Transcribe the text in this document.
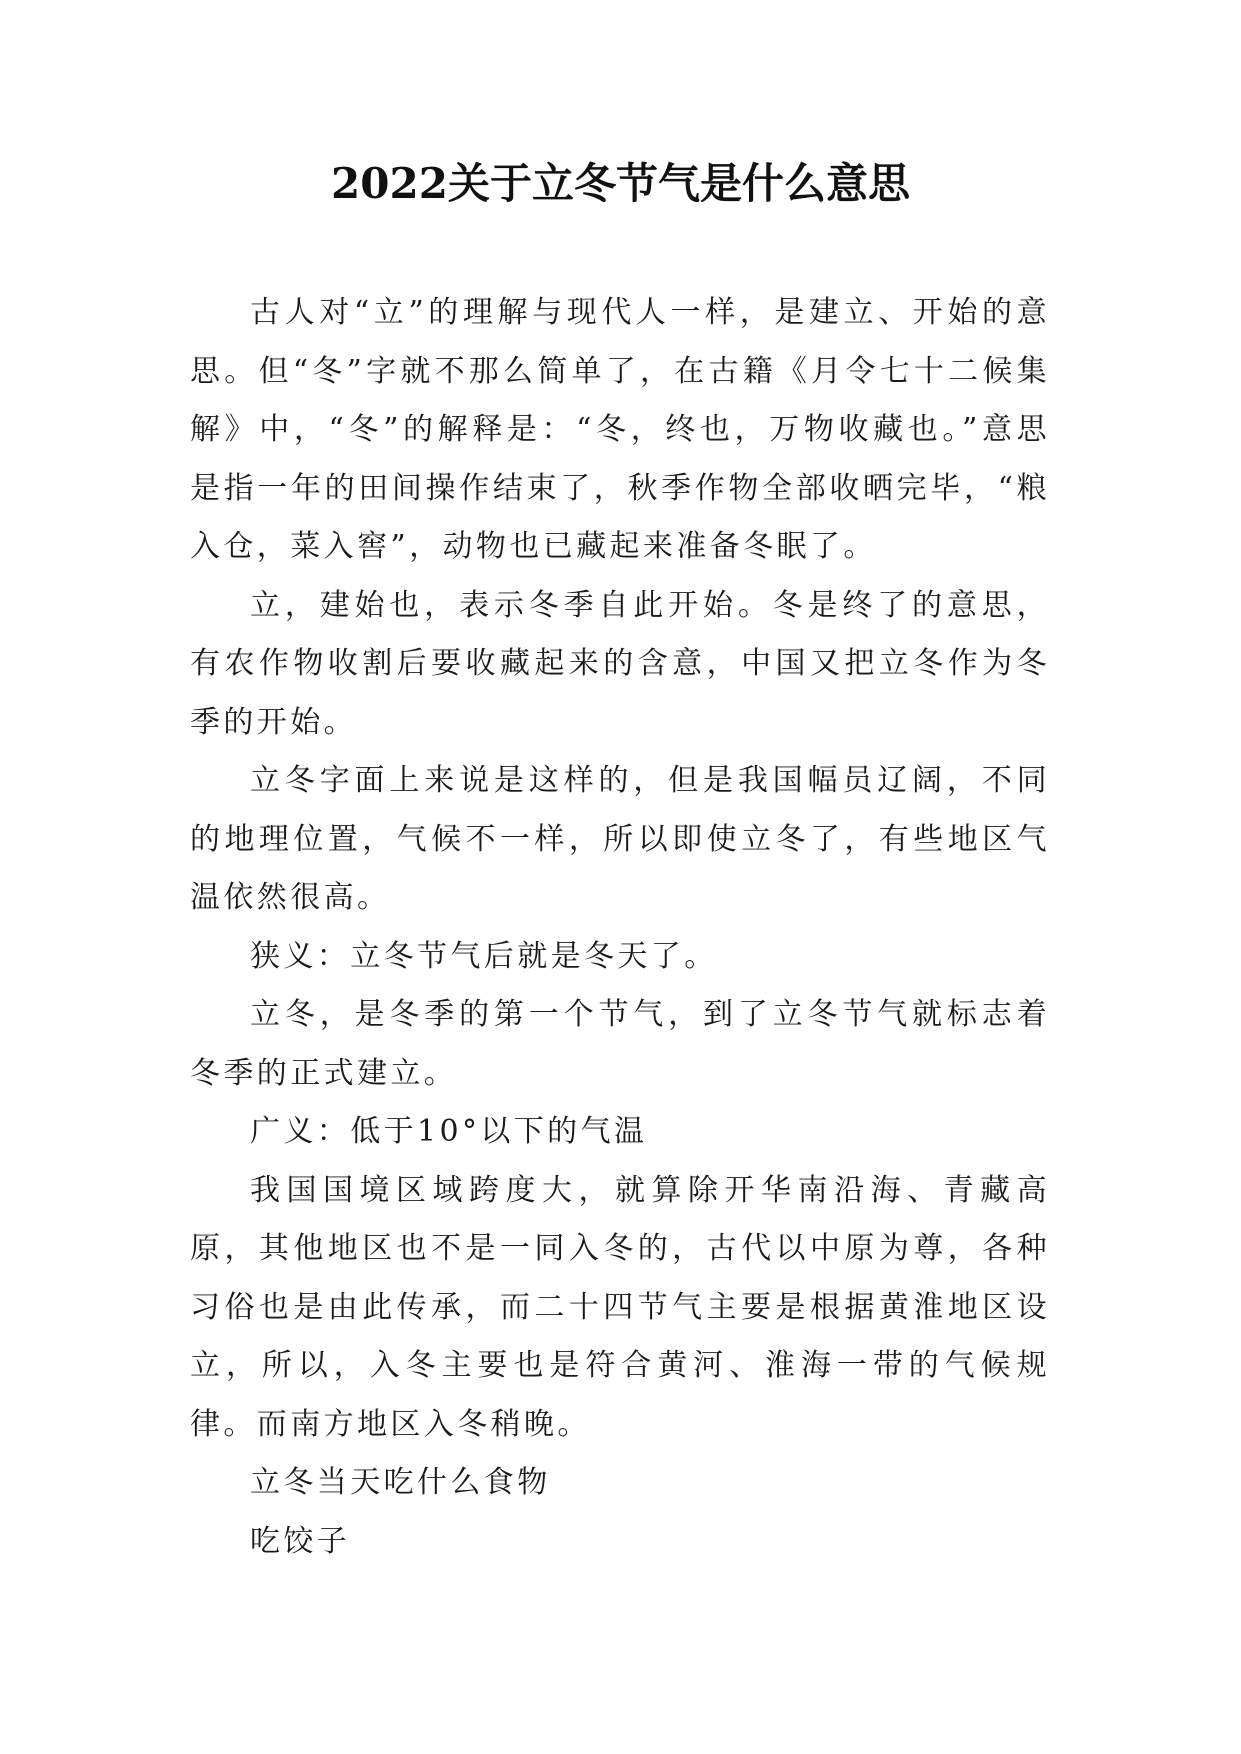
2022关于立冬节气是什么意思

古人对“立”的理解与现代人一样，是建立、开始的意思。但“冬”字就不那么简单了，在古籍《月令七十二候集解》中，“冬”的解释是：“冬，终也，万物收藏也。”意思是指一年的田间操作结束了，秋季作物全部收晒完毕，“粮入仓，菜入窖”，动物也已藏起来准备冬眠了。

立，建始也，表示冬季自此开始。冬是终了的意思，有农作物收割后要收藏起来的含意，中国又把立冬作为冬季的开始。

立冬字面上来说是这样的，但是我国幅员辽阔，不同的地理位置，气候不一样，所以即使立冬了，有些地区气温依然很高。

狭义：立冬节气后就是冬天了。

立冬，是冬季的第一个节气，到了立冬节气就标志着冬季的正式建立。

广义：低于10°以下的气温

我国国境区域跨度大，就算除开华南沿海、青藏高原，其他地区也不是一同入冬的，古代以中原为尊，各种习俗也是由此传承，而二十四节气主要是根据黄淮地区设立，所以，入冬主要也是符合黄河、淮海一带的气候规律。而南方地区入冬稍晚。

立冬当天吃什么食物

吃饺子
